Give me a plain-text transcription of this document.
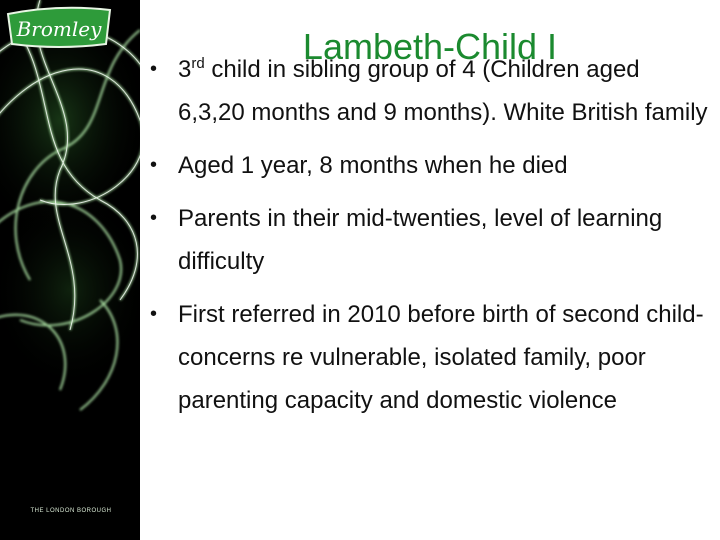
Bromley
THE LONDON BOROUGH
Lambeth-Child I
• 3rd child in sibling group of 4 (Children aged 6,3,20 months and 9 months). White British family
• Aged 1 year, 8 months when he died
• Parents in their mid-twenties, level of learning difficulty
• First referred in 2010 before birth of second child-concerns re vulnerable, isolated family, poor parenting capacity and domestic violence
